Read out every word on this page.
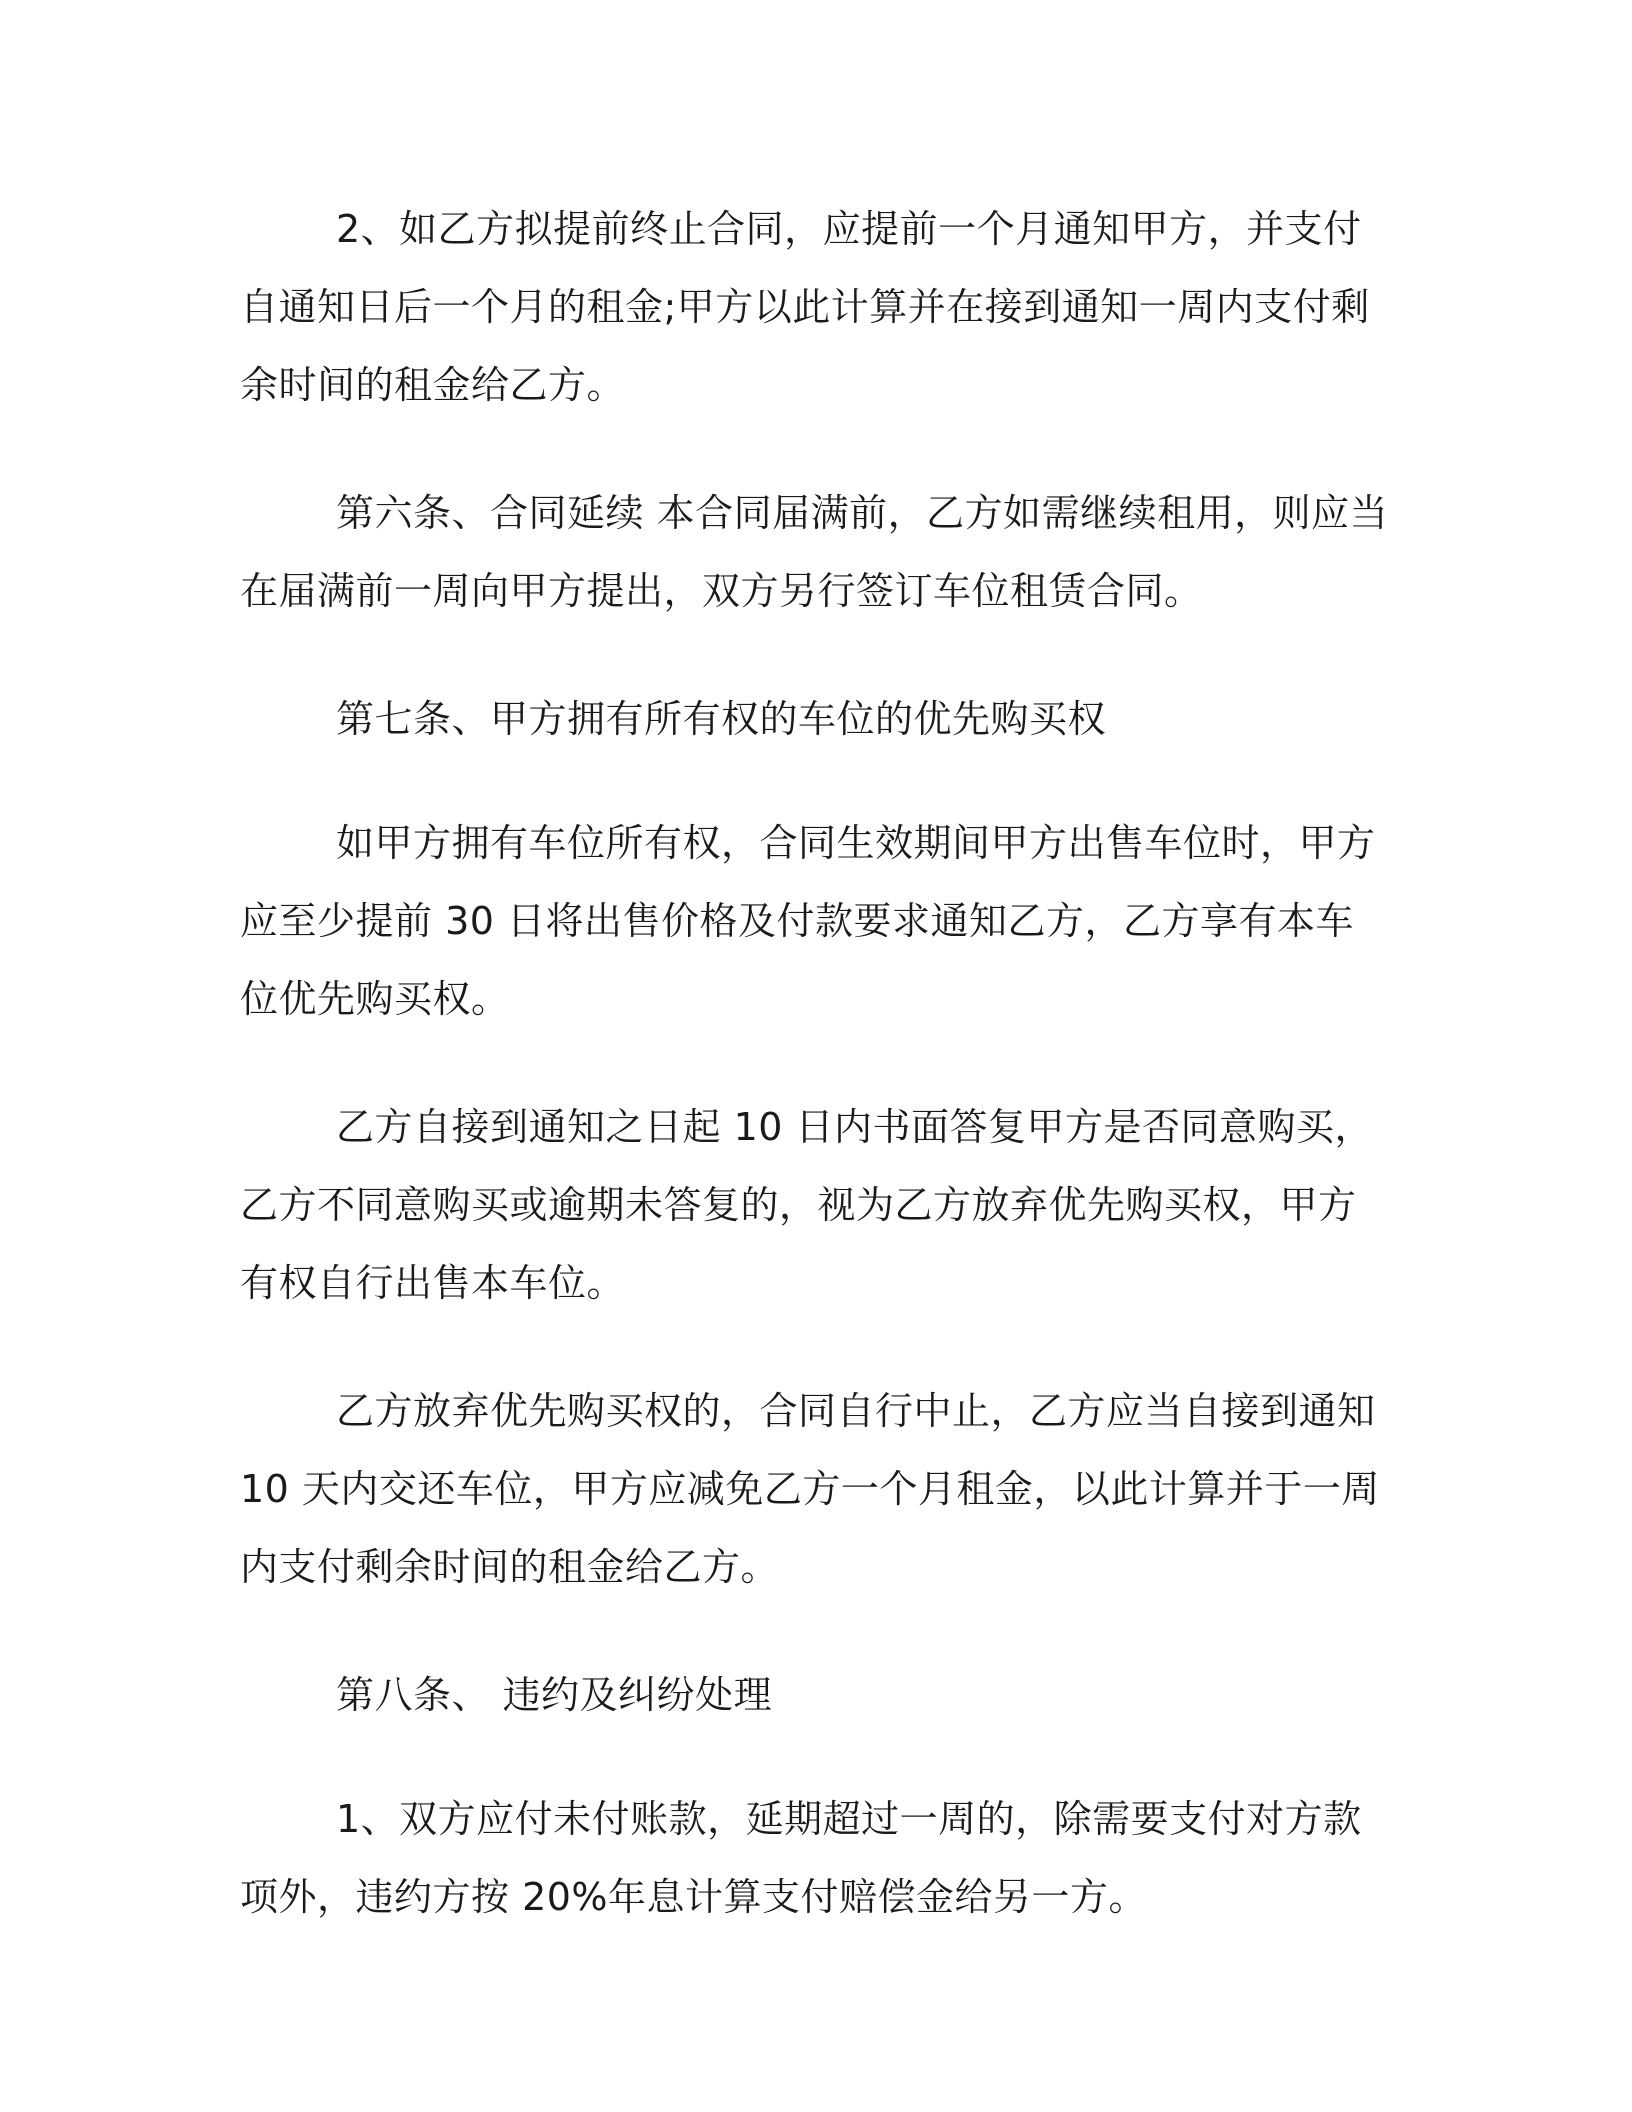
2、如乙方拟提前终止合同，应提前一个月通知甲方，并支付自通知日后一个月的租金;甲方以此计算并在接到通知一周内支付剩余时间的租金给乙方。

第六条、合同延续 本合同届满前，乙方如需继续租用，则应当在届满前一周向甲方提出，双方另行签订车位租赁合同。

第七条、甲方拥有所有权的车位的优先购买权

如甲方拥有车位所有权，合同生效期间甲方出售车位时，甲方应至少提前 30 日将出售价格及付款要求通知乙方，乙方享有本车位优先购买权。

乙方自接到通知之日起 10 日内书面答复甲方是否同意购买，乙方不同意购买或逾期未答复的，视为乙方放弃优先购买权，甲方有权自行出售本车位。

乙方放弃优先购买权的，合同自行中止，乙方应当自接到通知 10 天内交还车位，甲方应减免乙方一个月租金，以此计算并于一周内支付剩余时间的租金给乙方。

第八条、 违约及纠纷处理

1、双方应付未付账款，延期超过一周的，除需要支付对方款项外，违约方按 20%年息计算支付赔偿金给另一方。
